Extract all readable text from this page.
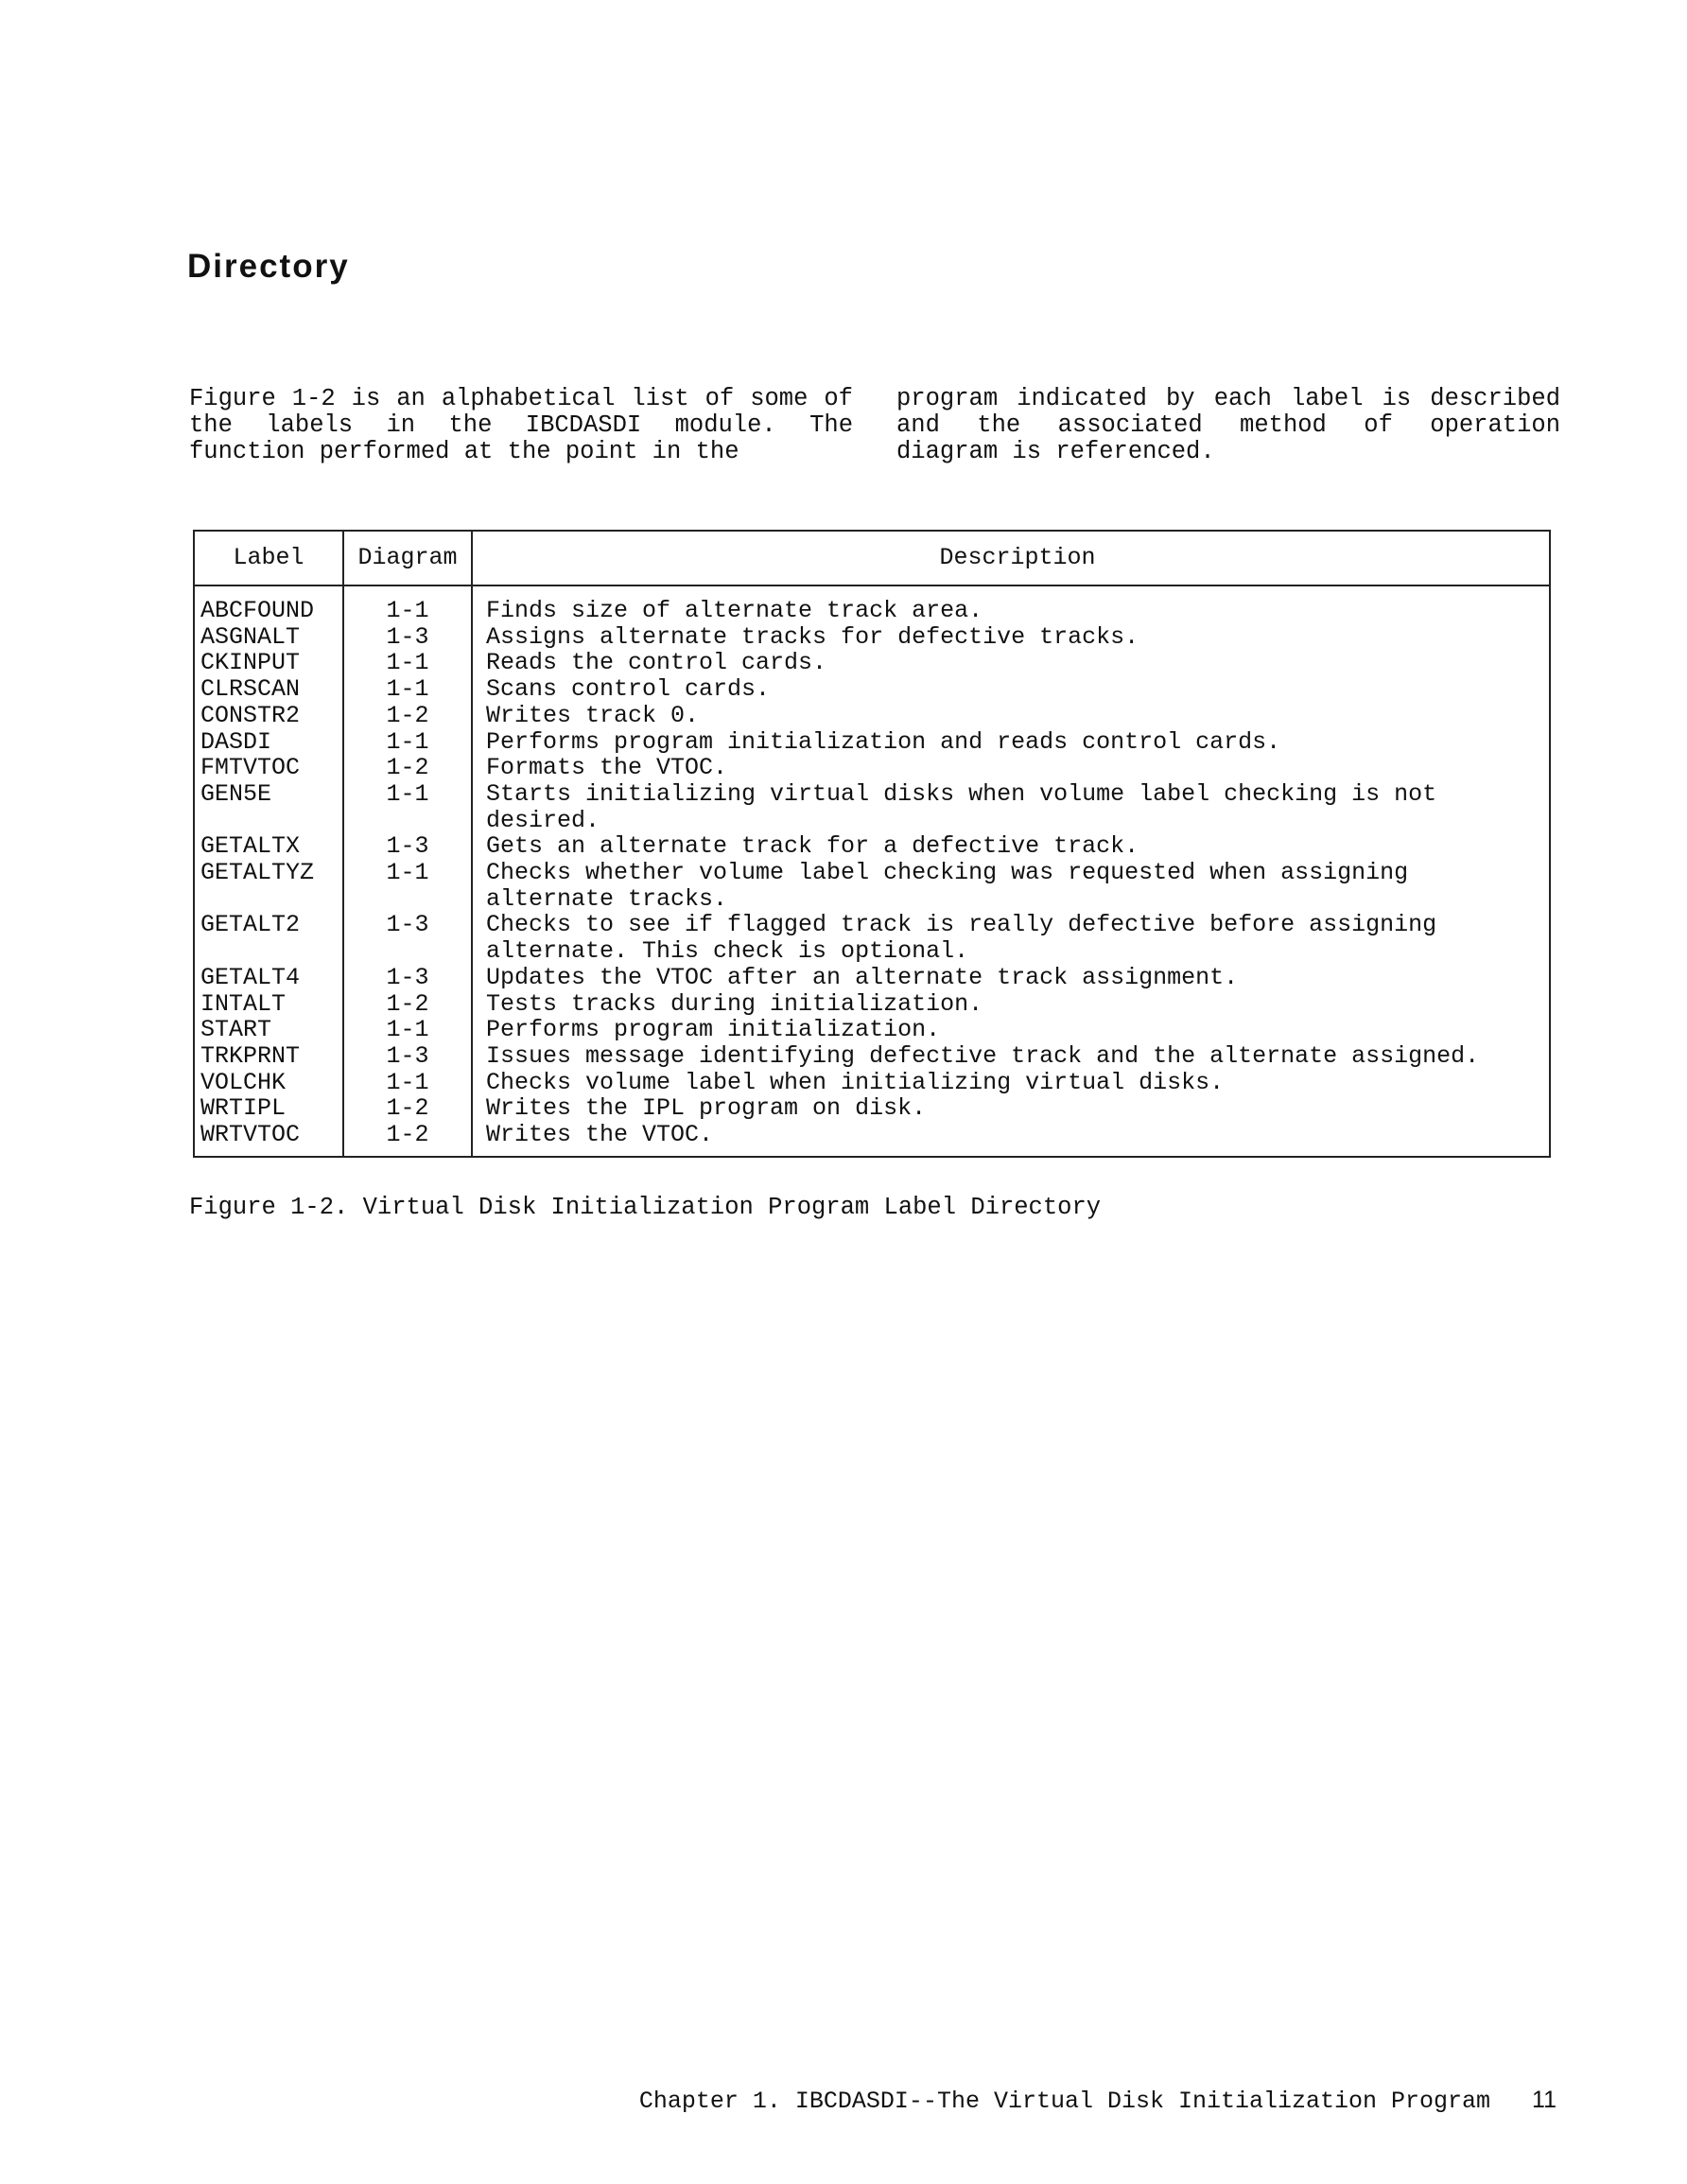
Directory

Figure 1-2 is an alphabetical list of some of the labels in the IBCDASDI module. The function performed at the point in the

program indicated by each label is described and the associated method of operation diagram is referenced.

Label	Diagram	Description
ABCFOUND	1-1	Finds size of alternate track area.
ASGNALT	1-3	Assigns alternate tracks for defective tracks.
CKINPUT	1-1	Reads the control cards.
CLRSCAN	1-1	Scans control cards.
CONSTR2	1-2	Writes track 0.
DASDI	1-1	Performs program initialization and reads control cards.
FMTVTOC	1-2	Formats the VTOC.
GEN5E	1-1	Starts initializing virtual disks when volume label checking is not desired.
GETALTX	1-3	Gets an alternate track for a defective track.
GETALTYZ	1-1	Checks whether volume label checking was requested when assigning alternate tracks.
GETALT2	1-3	Checks to see if flagged track is really defective before assigning alternate. This check is optional.
GETALT4	1-3	Updates the VTOC after an alternate track assignment.
INTALT	1-2	Tests tracks during initialization.
START	1-1	Performs program initialization.
TRKPRNT	1-3	Issues message identifying defective track and the alternate assigned.
VOLCHK	1-1	Checks volume label when initializing virtual disks.
WRTIPL	1-2	Writes the IPL program on disk.
WRTVTOC	1-2	Writes the VTOC.
Figure 1-2. Virtual Disk Initialization Program Label Directory
Chapter 1. IBCDASDI--The Virtual Disk Initialization Program 11
